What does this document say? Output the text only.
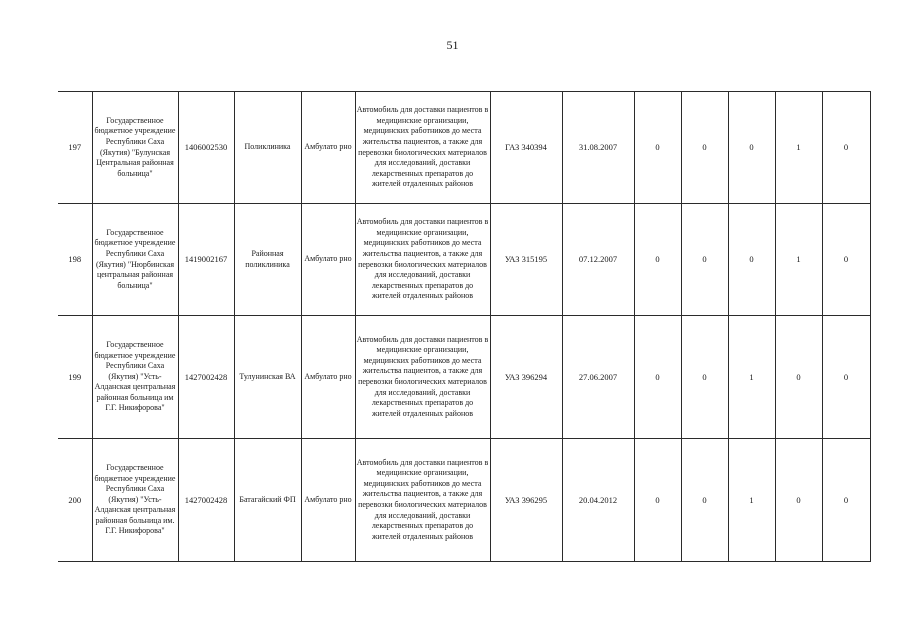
51
197	Государственное бюджетное учреждение Республики Саха (Якутия) "Булунская Центральная районная больница"	1406002530	Поликлиника	Амбулато рно	Автомобиль для доставки пациентов в медицинские организации, медицинских работников до места жительства пациентов, а также для перевозки биологических материалов для исследований, доставки лекарственных препаратов до жителей отдаленных районов	ГАЗ 340394	31.08.2007	0	0	0	1	0
198	Государственное бюджетное учреждение Республики Саха (Якутия) "Нюрбинская центральная районная больница"	1419002167	Районная поликлиника	Амбулато рно	Автомобиль для доставки пациентов в медицинские организации, медицинских работников до места жительства пациентов, а также для перевозки биологических материалов для исследований, доставки лекарственных препаратов до жителей отдаленных районов	УАЗ 315195	07.12.2007	0	0	0	1	0
199	Государственное бюджетное учреждение Республики Саха (Якутия) "Усть-Алданская центральная районная больница им Г.Г. Никифорова"	1427002428	Тулунинская ВА	Амбулато рно	Автомобиль для доставки пациентов в медицинские организации, медицинских работников до места жительства пациентов, а также для перевозки биологических материалов для исследований, доставки лекарственных препаратов до жителей отдаленных районов	УАЗ 396294	27.06.2007	0	0	1	0	0
200	Государственное бюджетное учреждение Республики Саха (Якутия) "Усть-Алданская центральная районная больница им. Г.Г. Никифорова"	1427002428	Батагайский ФП	Амбулато рно	Автомобиль для доставки пациентов в медицинские организации, медицинских работников до места жительства пациентов, а также для перевозки биологических материалов для исследований, доставки лекарственных препаратов до жителей отдаленных районов	УАЗ 396295	20.04.2012	0	0	1	0	0
